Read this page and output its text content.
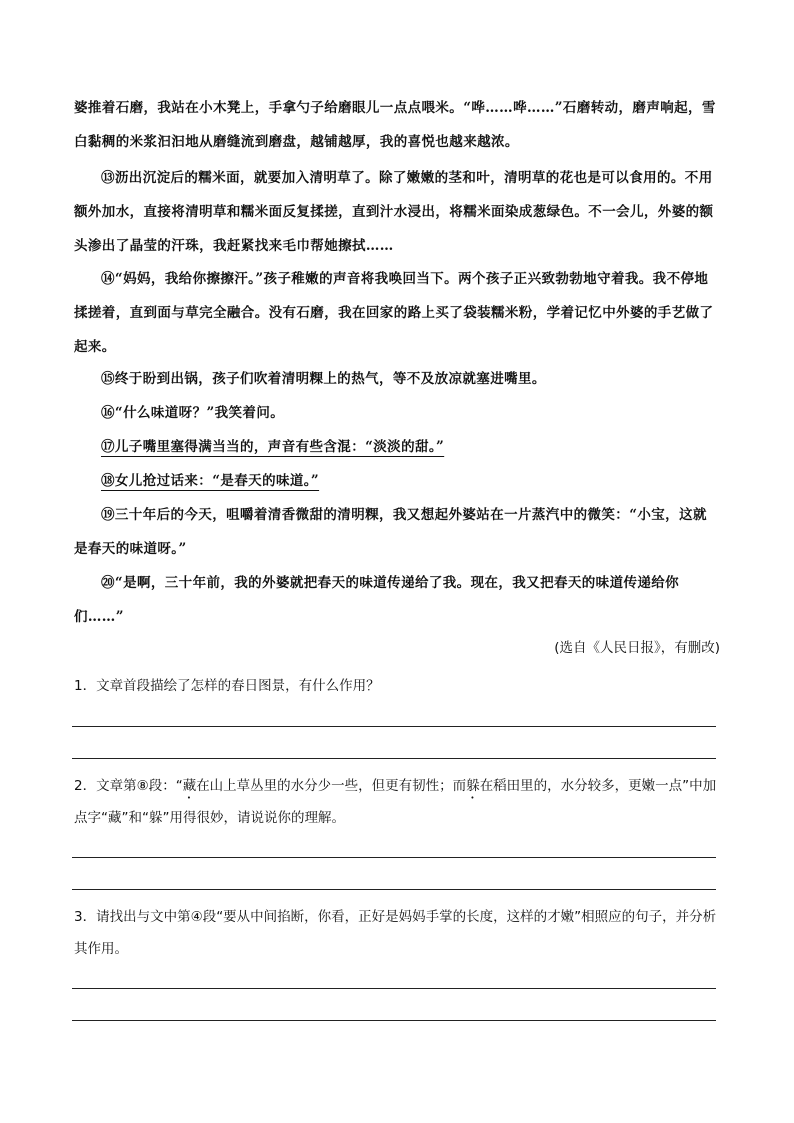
婆推着石磨，我站在小木凳上，手拿勺子给磨眼儿一点点喂米。“哗……哗……”石磨转动，磨声响起，雪白黏稠的米浆汩汩地从磨缝流到磨盘，越铺越厚，我的喜悦也越来越浓。

⑬沥出沉淀后的糯米面，就要加入清明草了。除了嫩嫩的茎和叶，清明草的花也是可以食用的。不用额外加水，直接将清明草和糯米面反复揉搓，直到汁水浸出，将糯米面染成葱绿色。不一会儿，外婆的额头渗出了晶莹的汗珠，我赶紧找来毛巾帮她擦拭……

⑭“妈妈，我给你擦擦汗。”孩子稚嫩的声音将我唤回当下。两个孩子正兴致勃勃地守着我。我不停地揉搓着，直到面与草完全融合。没有石磨，我在回家的路上买了袋装糯米粉，学着记忆中外婆的手艺做了起来。

⑮终于盼到出锅，孩子们吹着清明粿上的热气，等不及放凉就塞进嘴里。

⑯“什么味道呀？”我笑着问。

⑰儿子嘴里塞得满当当的，声音有些含混：“淡淡的甜。”

⑱女儿抢过话来：“是春天的味道。”

⑲三十年后的今天，咀嚼着清香微甜的清明粿，我又想起外婆站在一片蒸汽中的微笑：“小宝，这就是春天的味道呀。”

⑳“是啊，三十年前，我的外婆就把春天的味道传递给了我。现在，我又把春天的味道传递给你们……”

(选自《人民日报》，有删改)

1．文章首段描绘了怎样的春日图景，有什么作用？

2．文章第⑧段：“藏在山上草丛里的水分少一些，但更有韧性；而躲在稻田里的，水分较多，更嫩一点”中加点字“藏”和“躲”用得很妙，请说说你的理解。

3．请找出与文中第④段“要从中间掐断，你看，正好是妈妈手掌的长度，这样的才嫩”相照应的句子，并分析其作用。
